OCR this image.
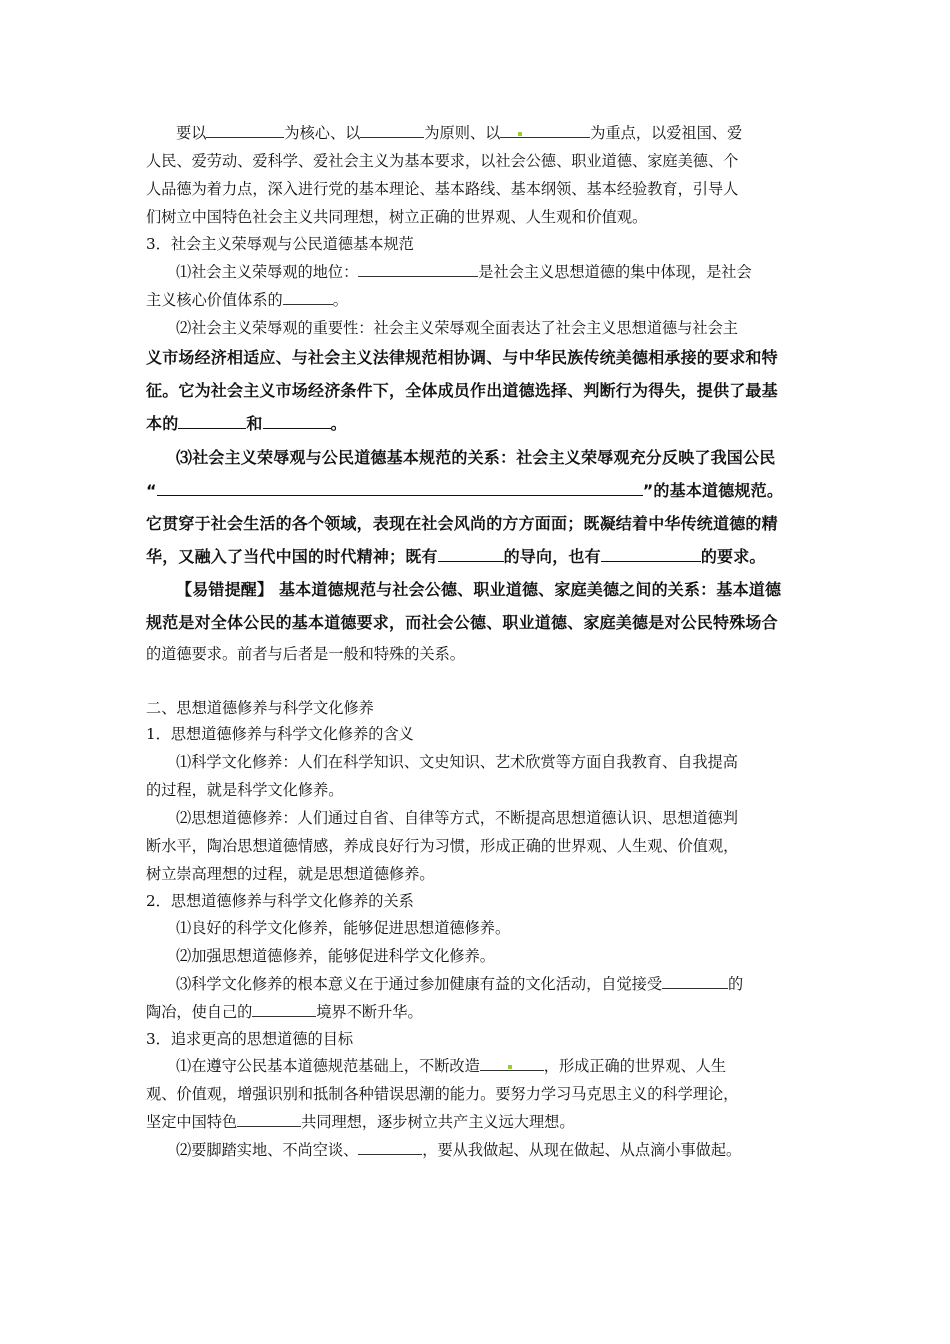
要以	为核心、以	为原则、以	为重点，以爱祖国、爱
人民、爱劳动、爱科学、爱社会主义为基本要求，以社会公德、职业道德、家庭美德、个
人品德为着力点，深入进行党的基本理论、基本路线、基本纲领、基本经验教育，引导人
们树立中国特色社会主义共同理想，树立正确的世界观、人生观和价值观。
3．社会主义荣辱观与公民道德基本规范
⑴社会主义荣辱观的地位：	是社会主义思想道德的集中体现，是社会
主义核心价值体系的	。
⑵社会主义荣辱观的重要性：社会主义荣辱观全面表达了社会主义思想道德与社会主
义市场经济相适应、与社会主义法律规范相协调、与中华民族传统美德相承接的要求和特
征。它为社会主义市场经济条件下，全体成员作出道德选择、判断行为得失，提供了最基
本的	和	。
⑶社会主义荣辱观与公民道德基本规范的关系：社会主义荣辱观充分反映了我国公民
“	”的基本道德规范。
它贯穿于社会生活的各个领域，表现在社会风尚的方方面面；既凝结着中华传统道德的精
华，又融入了当代中国的时代精神；既有	的导向，也有	的要求。
【易错提醒】 基本道德规范与社会公德、职业道德、家庭美德之间的关系：基本道德
规范是对全体公民的基本道德要求，而社会公德、职业道德、家庭美德是对公民特殊场合
的道德要求。前者与后者是一般和特殊的关系。
二、思想道德修养与科学文化修养
1．思想道德修养与科学文化修养的含义
⑴科学文化修养：人们在科学知识、文史知识、艺术欣赏等方面自我教育、自我提高
的过程，就是科学文化修养。
⑵思想道德修养：人们通过自省、自律等方式，不断提高思想道德认识、思想道德判
断水平，陶冶思想道德情感，养成良好行为习惯，形成正确的世界观、人生观、价值观，
树立崇高理想的过程，就是思想道德修养。
2．思想道德修养与科学文化修养的关系
⑴良好的科学文化修养，能够促进思想道德修养。
⑵加强思想道德修养，能够促进科学文化修养。
⑶科学文化修养的根本意义在于通过参加健康有益的文化活动，自觉接受	的
陶冶，使自己的	境界不断升华。
3．追求更高的思想道德的目标
⑴在遵守公民基本道德规范基础上，不断改造	，形成正确的世界观、人生
观、价值观，增强识别和抵制各种错误思潮的能力。要努力学习马克思主义的科学理论，
坚定中国特色	共同理想，逐步树立共产主义远大理想。
⑵要脚踏实地、不尚空谈、	，要从我做起、从现在做起、从点滴小事做起。
